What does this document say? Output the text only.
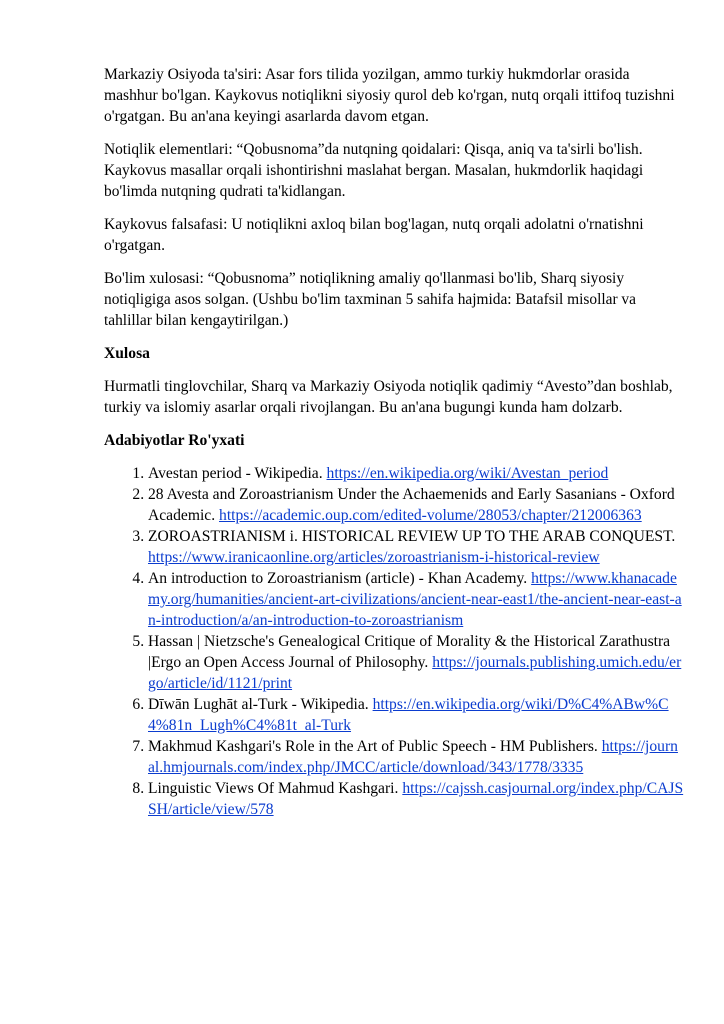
Markaziy Osiyoda ta'siri: Asar fors tilida yozilgan, ammo turkiy hukmdorlar orasida mashhur bo'lgan. Kaykovus notiqlikni siyosiy qurol deb ko'rgan, nutq orqali ittifoq tuzishni o'rgatgan. Bu an'ana keyingi asarlarda davom etgan.

Notiqlik elementlari: “Qobusnoma”da nutqning qoidalari: Qisqa, aniq va ta'sirli bo'lish. Kaykovus masallar orqali ishontirishni maslahat bergan. Masalan, hukmdorlik haqidagi bo'limda nutqning qudrati ta'kidlangan.

Kaykovus falsafasi: U notiqlikni axloq bilan bog'lagan, nutq orqali adolatni o'rnatishni o'rgatgan.

Bo'lim xulosasi: “Qobusnoma” notiqlikning amaliy qo'llanmasi bo'lib, Sharq siyosiy notiqligiga asos solgan. (Ushbu bo'lim taxminan 5 sahifa hajmida: Batafsil misollar va tahlillar bilan kengaytirilgan.)

Xulosa

Hurmatli tinglovchilar, Sharq va Markaziy Osiyoda notiqlik qadimiy “Avesto”dan boshlab, turkiy va islomiy asarlar orqali rivojlangan. Bu an'ana bugungi kunda ham dolzarb.

Adabiyotlar Ro'yxati
1. Avestan period - Wikipedia. https://en.wikipedia.org/wiki/Avestan_period
2. 28 Avesta and Zoroastrianism Under the Achaemenids and Early Sasanians - Oxford Academic. https://academic.oup.com/edited-volume/28053/chapter/212006363
3. ZOROASTRIANISM i. HISTORICAL REVIEW UP TO THE ARAB CONQUEST. https://www.iranicaonline.org/articles/zoroastrianism-i-historical-review
4. An introduction to Zoroastrianism (article) - Khan Academy. https://www.khanacademy.org/humanities/ancient-art-civilizations/ancient-near-east1/the-ancient-near-east-an-introduction/a/an-introduction-to-zoroastrianism
5. Hassan | Nietzsche's Genealogical Critique of Morality & the Historical Zarathustra |Ergo an Open Access Journal of Philosophy. https://journals.publishing.umich.edu/ergo/article/id/1121/print
6. Dīwān Lughāt al-Turk - Wikipedia. https://en.wikipedia.org/wiki/D%C4%ABw%C4%81n_Lugh%C4%81t_al-Turk
7. Makhmud Kashgari's Role in the Art of Public Speech - HM Publishers. https://journal.hmjournals.com/index.php/JMCC/article/download/343/1778/3335
8. Linguistic Views Of Mahmud Kashgari. https://cajssh.casjournal.org/index.php/CAJSSH/article/view/578
